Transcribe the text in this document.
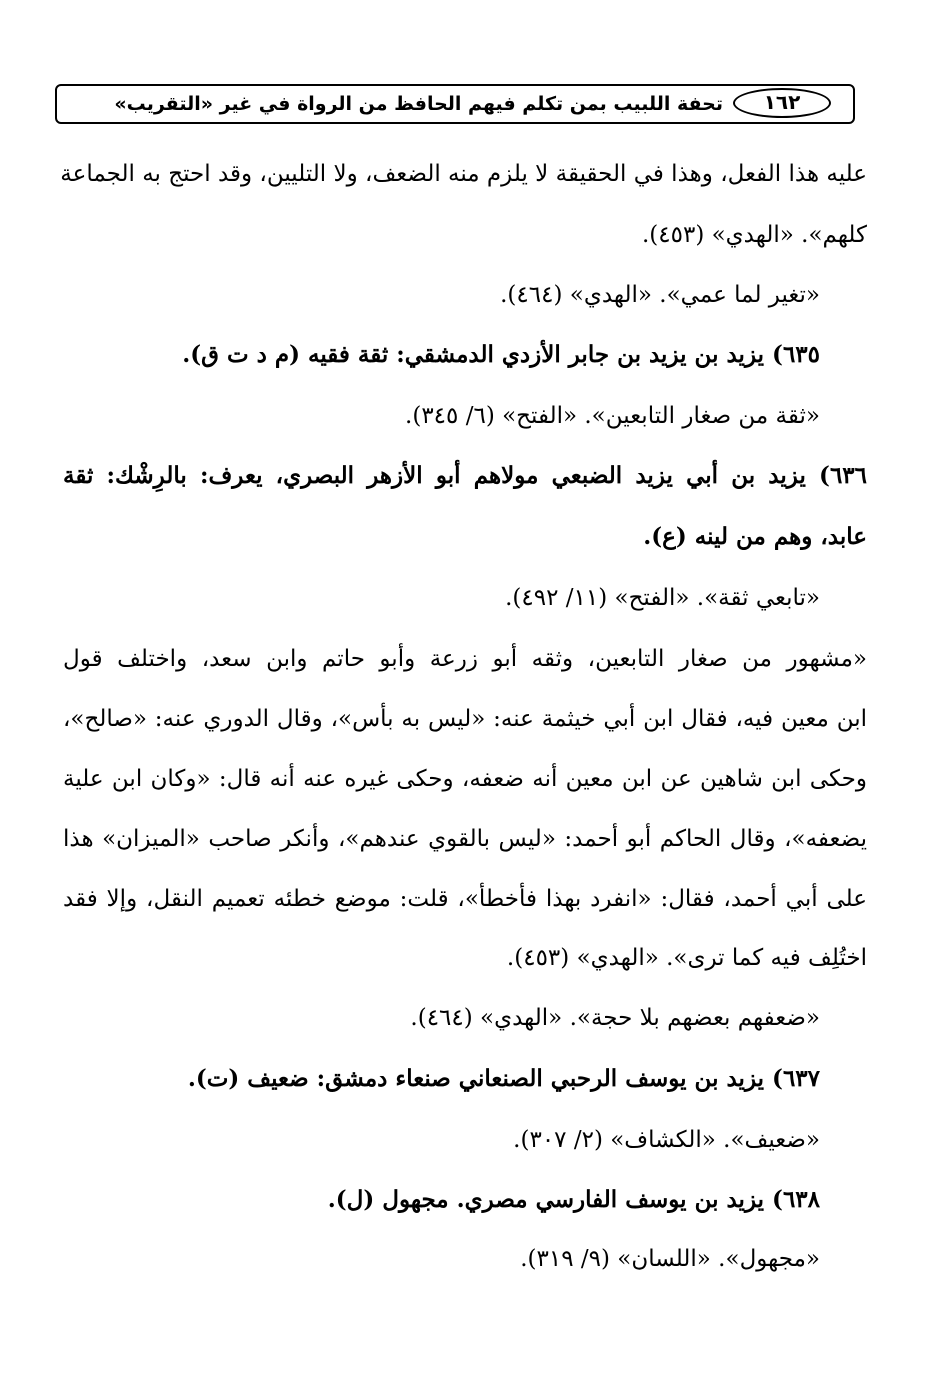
تحفة اللبيب بمن تكلم فيهم الحافظ من الرواة في غير «التقريب»	١٦٢
عليه هذا الفعل، وهذا في الحقيقة لا يلزم منه الضعف، ولا التليين، وقد احتج به الجماعة
كلهم». «الهدي» (٤٥٣).
«تغير لما عمي». «الهدي» (٤٦٤).
٦٣٥) يزيد بن يزيد بن جابر الأزدي الدمشقي: ثقة فقيه (م د ت ق).
«ثقة من صغار التابعين». «الفتح» (٦/ ٣٤٥).
٦٣٦) يزيد بن أبي يزيد الضبعي مولاهم أبو الأزهر البصري، يعرف: بالرِشْك: ثقة
عابد، وهم من لينه (ع).
«تابعي ثقة». «الفتح» (١١/ ٤٩٢).
«مشهور من صغار التابعين، وثقه أبو زرعة وأبو حاتم وابن سعد، واختلف قول
ابن معين فيه، فقال ابن أبي خيثمة عنه: «ليس به بأس»، وقال الدوري عنه: «صالح»،
وحكى ابن شاهين عن ابن معين أنه ضعفه، وحكى غيره عنه أنه قال: «وكان ابن علية
يضعفه»، وقال الحاكم أبو أحمد: «ليس بالقوي عندهم»، وأنكر صاحب «الميزان» هذا
على أبي أحمد، فقال: «انفرد بهذا فأخطأ»، قلت: موضع خطئه تعميم النقل، وإلا فقد
اختُلِف فيه كما ترى». «الهدي» (٤٥٣).
«ضعفهم بعضهم بلا حجة». «الهدي» (٤٦٤).
٦٣٧) يزيد بن يوسف الرحبي الصنعاني صنعاء دمشق: ضعيف (ت).
«ضعيف». «الكشاف» (٢/ ٣٠٧).
٦٣٨) يزيد بن يوسف الفارسي مصري. مجهول (ل).
«مجهول». «اللسان» (٩/ ٣١٩).
